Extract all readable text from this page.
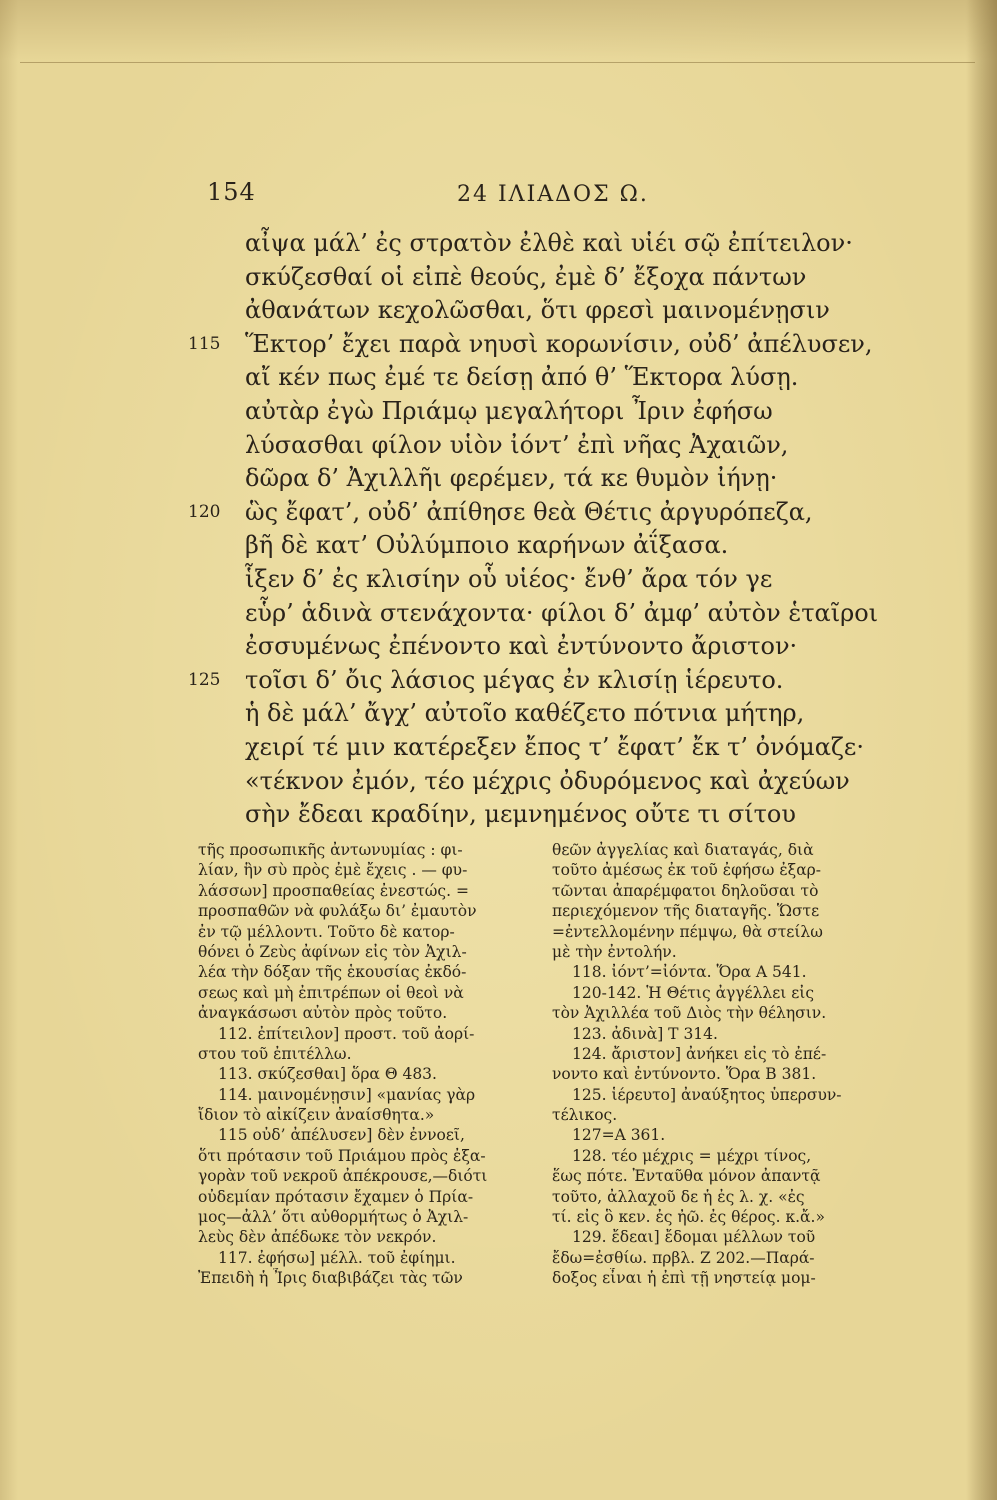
154	24 ΙΛΙΑΔΟΣ Ω.
αἶψα μάλ’ ἐς στρατὸν ἐλθὲ καὶ υἱέι σῷ ἐπίτειλον·
σκύζεσθαί οἱ εἰπὲ θεούς, ἐμὲ δ’ ἔξοχα πάντων
ἀθανάτων κεχολῶσθαι, ὅτι φρεσὶ μαινομένῃσιν
115 Ἕκτορ’ ἔχει παρὰ νηυσὶ κορωνίσιν, οὐδ’ ἀπέλυσεν,
αἴ κέν πως ἐμέ τε δείσῃ ἀπό θ’ Ἕκτορα λύσῃ.
αὐτὰρ ἐγὼ Πριάμῳ μεγαλήτορι Ἶριν ἐφήσω
λύσασθαι φίλον υἱὸν ἰόντ’ ἐπὶ νῆας Ἀχαιῶν,
δῶρα δ’ Ἀχιλλῆι φερέμεν, τά κε θυμὸν ἰήνῃ·
120 ὣς ἔφατ’, οὐδ’ ἀπίθησε θεὰ Θέτις ἀργυρόπεζα,
βῆ δὲ κατ’ Οὐλύμποιο καρήνων ἀΐξασα.
ἷξεν δ’ ἐς κλισίην οὗ υἱέος· ἔνθ’ ἄρα τόν γε
εὗρ’ ἁδινὰ στενάχοντα· φίλοι δ’ ἀμφ’ αὐτὸν ἑταῖροι
ἐσσυμένως ἐπένοντο καὶ ἐντύνοντο ἄριστον·
125 τοῖσι δ’ ὄις λάσιος μέγας ἐν κλισίῃ ἱέρευτο.
ἡ δὲ μάλ’ ἄγχ’ αὐτοῖο καθέζετο πότνια μήτηρ,
χειρί τέ μιν κατέρεξεν ἔπος τ’ ἔφατ’ ἔκ τ’ ὀνόμαζε·
«τέκνον ἐμόν, τέο μέχρις ὀδυρόμενος καὶ ἀχεύων
σὴν ἔδεαι κραδίην, μεμνημένος οὔτε τι σίτου
τῆς προσωπικῆς ἀντωνυμίας : φι-
λίαν, ἣν σὺ πρὸς ἐμὲ ἔχεις . — φυ-
λάσσων] προσπαθείας ἐνεστώς. =
προσπαθῶν νὰ φυλάξω δι’ ἐμαυτὸν
ἐν τῷ μέλλοντι. Τοῦτο δὲ κατορ-
θόνει ὁ Ζεὺς ἀφίνων εἰς τὸν Ἀχιλ-
λέα τὴν δόξαν τῆς ἑκουσίας ἐκδό-
σεως καὶ μὴ ἐπιτρέπων οἱ θεοὶ νὰ
ἀναγκάσωσι αὐτὸν πρὸς τοῦτο.
112. ἐπίτειλον] προστ. τοῦ ἀορί-
στου τοῦ ἐπιτέλλω.
113. σκύζεσθαι] ὅρα Θ 483.
114. μαινομένῃσιν] «μανίας γὰρ
ἴδιον τὸ αἰκίζειν ἀναίσθητα.»
115 οὐδ’ ἀπέλυσεν] δὲν ἐννοεῖ,
ὅτι πρότασιν τοῦ Πριάμου πρὸς ἐξα-
γορὰν τοῦ νεκροῦ ἀπέκρουσε,—διότι
οὐδεμίαν πρότασιν ἔχαμεν ὁ Πρία-
μος—ἀλλ’ ὅτι αὐθορμήτως ὁ Ἀχιλ-
λεὺς δὲν ἀπέδωκε τὸν νεκρόν.
117. ἐφήσω] μέλλ. τοῦ ἐφίημι.
Ἐπειδὴ ἡ Ἶρις διαβιβάζει τὰς τῶν
θεῶν ἀγγελίας καὶ διαταγάς, διὰ
τοῦτο ἀμέσως ἐκ τοῦ ἐφήσω ἐξαρ-
τῶνται ἀπαρέμφατοι δηλοῦσαι τὸ
περιεχόμενον τῆς διαταγῆς. Ὥστε
=ἐντελλομένην πέμψω, θὰ στείλω
μὲ τὴν ἐντολήν.
118. ἰόντ’=ἰόντα. Ὅρα Α 541.
120-142. Ἡ Θέτις ἀγγέλλει εἰς
τὸν Ἀχιλλέα τοῦ Διὸς τὴν θέλησιν.
123. ἀδινὰ] Τ 314.
124. ἄριστον] ἀνήκει εἰς τὸ ἐπέ-
νοντο καὶ ἐντύνοντο. Ὅρα Β 381.
125. ἱέρευτο] ἀναύξητος ὑπερσυν-
τέλικος.
127=Α 361.
128. τέο μέχρις = μέχρι τίνος,
ἕως πότε. Ἐνταῦθα μόνον ἀπαντᾷ
τοῦτο, ἀλλαχοῦ δε ἡ ἐς λ. χ. «ἐς
τί. εἰς ὃ κεν. ἐς ἠῶ. ἐς θέρος. κ.ἄ.»
129. ἔδεαι] ἔδομαι μέλλων τοῦ
ἔδω=ἐσθίω. πρβλ. Ζ 202.—Παρά-
δοξος εἶναι ἡ ἐπὶ τῇ νηστείᾳ μομ-
